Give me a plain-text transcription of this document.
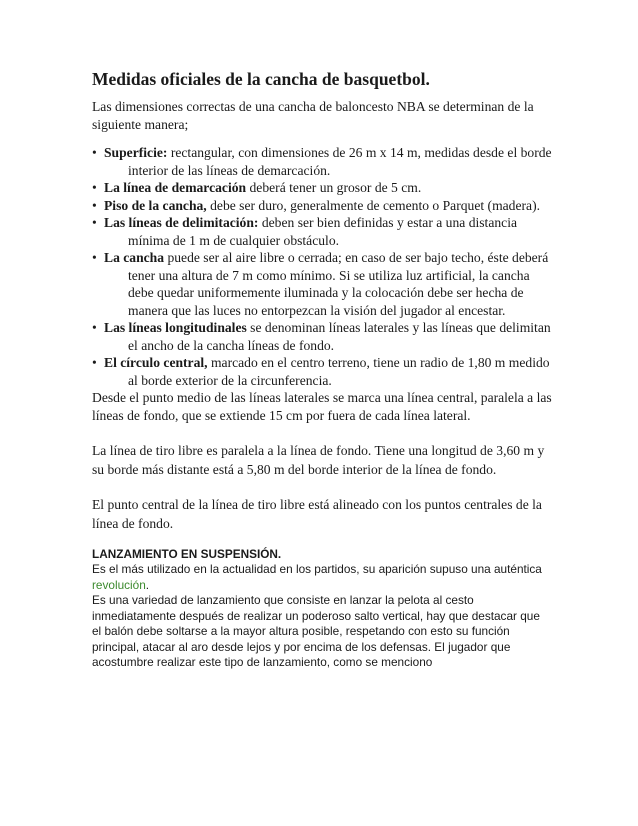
Medidas oficiales de la cancha de basquetbol.

Las dimensiones correctas de una cancha de baloncesto NBA se determinan de la siguiente manera;

• Superficie: rectangular, con dimensiones de 26 m x 14 m, medidas desde el borde interior de las líneas de demarcación.
• La línea de demarcación deberá tener un grosor de 5 cm.
• Piso de la cancha, debe ser duro, generalmente de cemento o Parquet (madera).
• Las líneas de delimitación: deben ser bien definidas y estar a una distancia mínima de 1 m de cualquier obstáculo.
• La cancha puede ser al aire libre o cerrada; en caso de ser bajo techo, éste deberá tener una altura de 7 m como mínimo. Si se utiliza luz artificial, la cancha debe quedar uniformemente iluminada y la colocación debe ser hecha de manera que las luces no entorpezcan la visión del jugador al encestar.
• Las líneas longitudinales se denominan líneas laterales y las líneas que delimitan el ancho de la cancha líneas de fondo.
• El círculo central, marcado en el centro terreno, tiene un radio de 1,80 m medido al borde exterior de la circunferencia.

Desde el punto medio de las líneas laterales se marca una línea central, paralela a las líneas de fondo, que se extiende 15 cm por fuera de cada línea lateral.

La línea de tiro libre es paralela a la línea de fondo. Tiene una longitud de 3,60 m y su borde más distante está a 5,80 m del borde interior de la línea de fondo.

El punto central de la línea de tiro libre está alineado con los puntos centrales de la línea de fondo.

LANZAMIENTO EN SUSPENSIÓN.

Es el más utilizado en la actualidad en los partidos, su aparición supuso una auténtica revolución.

Es una variedad de lanzamiento que consiste en lanzar la pelota al cesto inmediatamente después de realizar un poderoso salto vertical, hay que destacar que el balón debe soltarse a la mayor altura posible, respetando con esto su función principal, atacar al aro desde lejos y por encima de los defensas. El jugador que acostumbre realizar este tipo de lanzamiento, como se menciono
